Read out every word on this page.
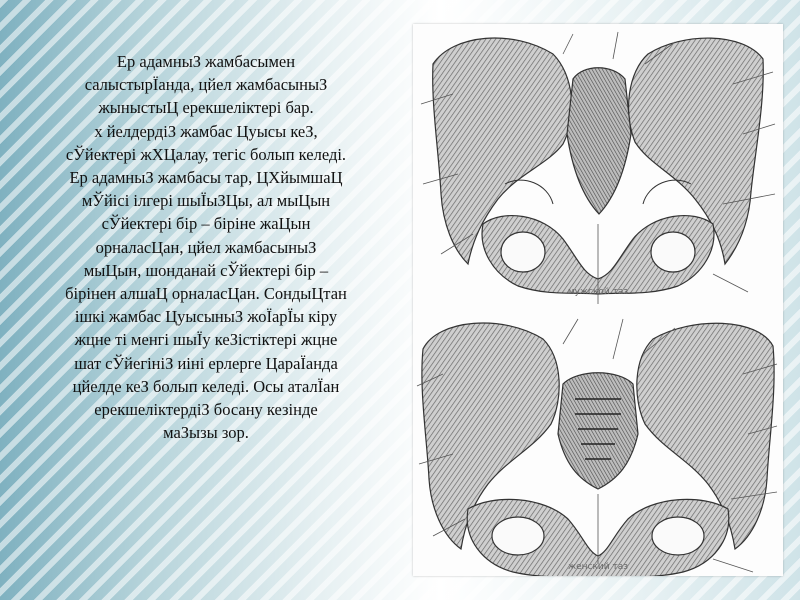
Ер адамныЗ жамбасымен
салыстырЇанда, цйел жамбасыныЗ
жыныстыЦ ерекшеліктері бар.
х йелдердіЗ жамбас Цуысы кеЗ,
сЎйектері жХЦалау, тегіс болып келеді.
Ер адамныЗ жамбасы тар, ЦХйымшаЦ
мЎйісі ілгері шыЇыЗЦы, ал мыЦын
сЎйектері бір – біріне жаЦын
орналасЦан, цйел жамбасыныЗ
мыЦын, шонданай сЎйектері бір –
бірінен алшаЦ орналасЦан. СондыЦтан
ішкі жамбас ЦуысыныЗ жоЇарЇы кіру
жцне ті менгі шыЇу кеЗістіктері жцне
шат сЎйегініЗ иіні ерлерге ЦараЇанда
цйелде кеЗ болып келеді. Осы аталЇан
ерекшеліктердіЗ босану кезінде
маЗызы зор.

мужской таз
женский таз
